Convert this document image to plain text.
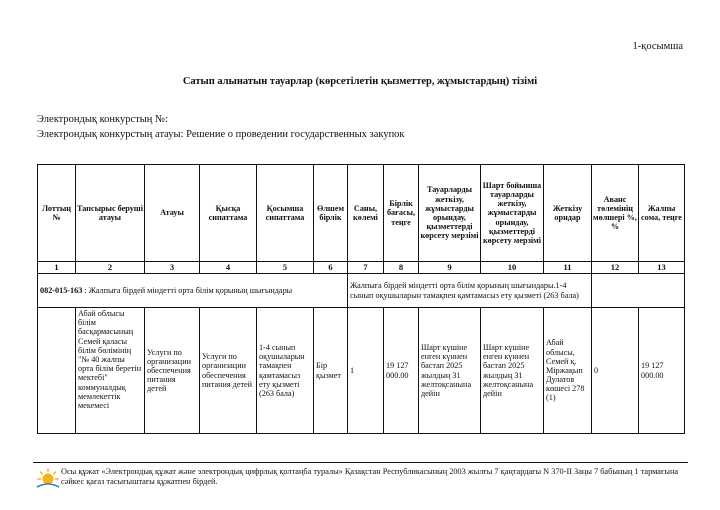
1-қосымша
Сатып алынатын тауарлар (көрсетілетін қызметтер, жұмыстардың) тізімі
Электрондық конкурстың №:
Электрондық конкурстың атауы: Решение о проведении государственных закупок
Лоттың №	Тапсырыс беруші атауы	Атауы	Қысқа сипаттама	Қосымша сипаттама	Өлшем бірлік	Саны, көлемі	Бірлік бағасы, теңге	Тауарларды жеткізу, жұмыстарды орындау, қызметтерді көрсету мерзімі	Шарт бойынша тауарларды жеткізу, жұмыстарды орындау, қызметтерді көрсету мерзімі	Жеткізу орндар	Аванс төлемінің мөлшері %, %	Жалпы сома, теңге
1	2	3	4	5	6	7	8	9	10	11	12	13
082-015-163 : Жалпыға бірдей міндетті орта білім қорының шығындары						Жалпыға бірдей міндетті орта білім қорының шығындары.1-4 сынып оқушыларын тамақпен қамтамасыз ету қызметі (263 бала)						
	Абай облысы білім басқармасының Семей қаласы білім бөлімінің "№ 40 жалпы орта білім беретін мектебі" коммуналдық мемлекеттік мекемесі	Услуги по организации обеспечения питания детей	Услуги по организации обеспечения питания детей	1-4 сынып оқушыларын тамақпен қамтамасыз ету қызметі (263 бала)	Бір қызмет	1	19 127 000.00	Шарт күшіне енген күннен бастап 2025 жылдың 31 желтоқсанына дейін	Шарт күшіне енген күннен бастап 2025 жылдың 31 желтоқсанына дейін	Абай облысы, Семей қ. Міржақып Дулатов көшесі 278 (1)	0	19 127 000.00
Осы құжат «Электрондық құжат және электрондық цифрлық қолтаңба туралы» Қазақстан Республикасының 2003 жылғы 7 қаңтардағы N 370-II Заңы 7 бабының 1 тармағына сәйкес қағаз тасығыштағы құжатпен бірдей.
